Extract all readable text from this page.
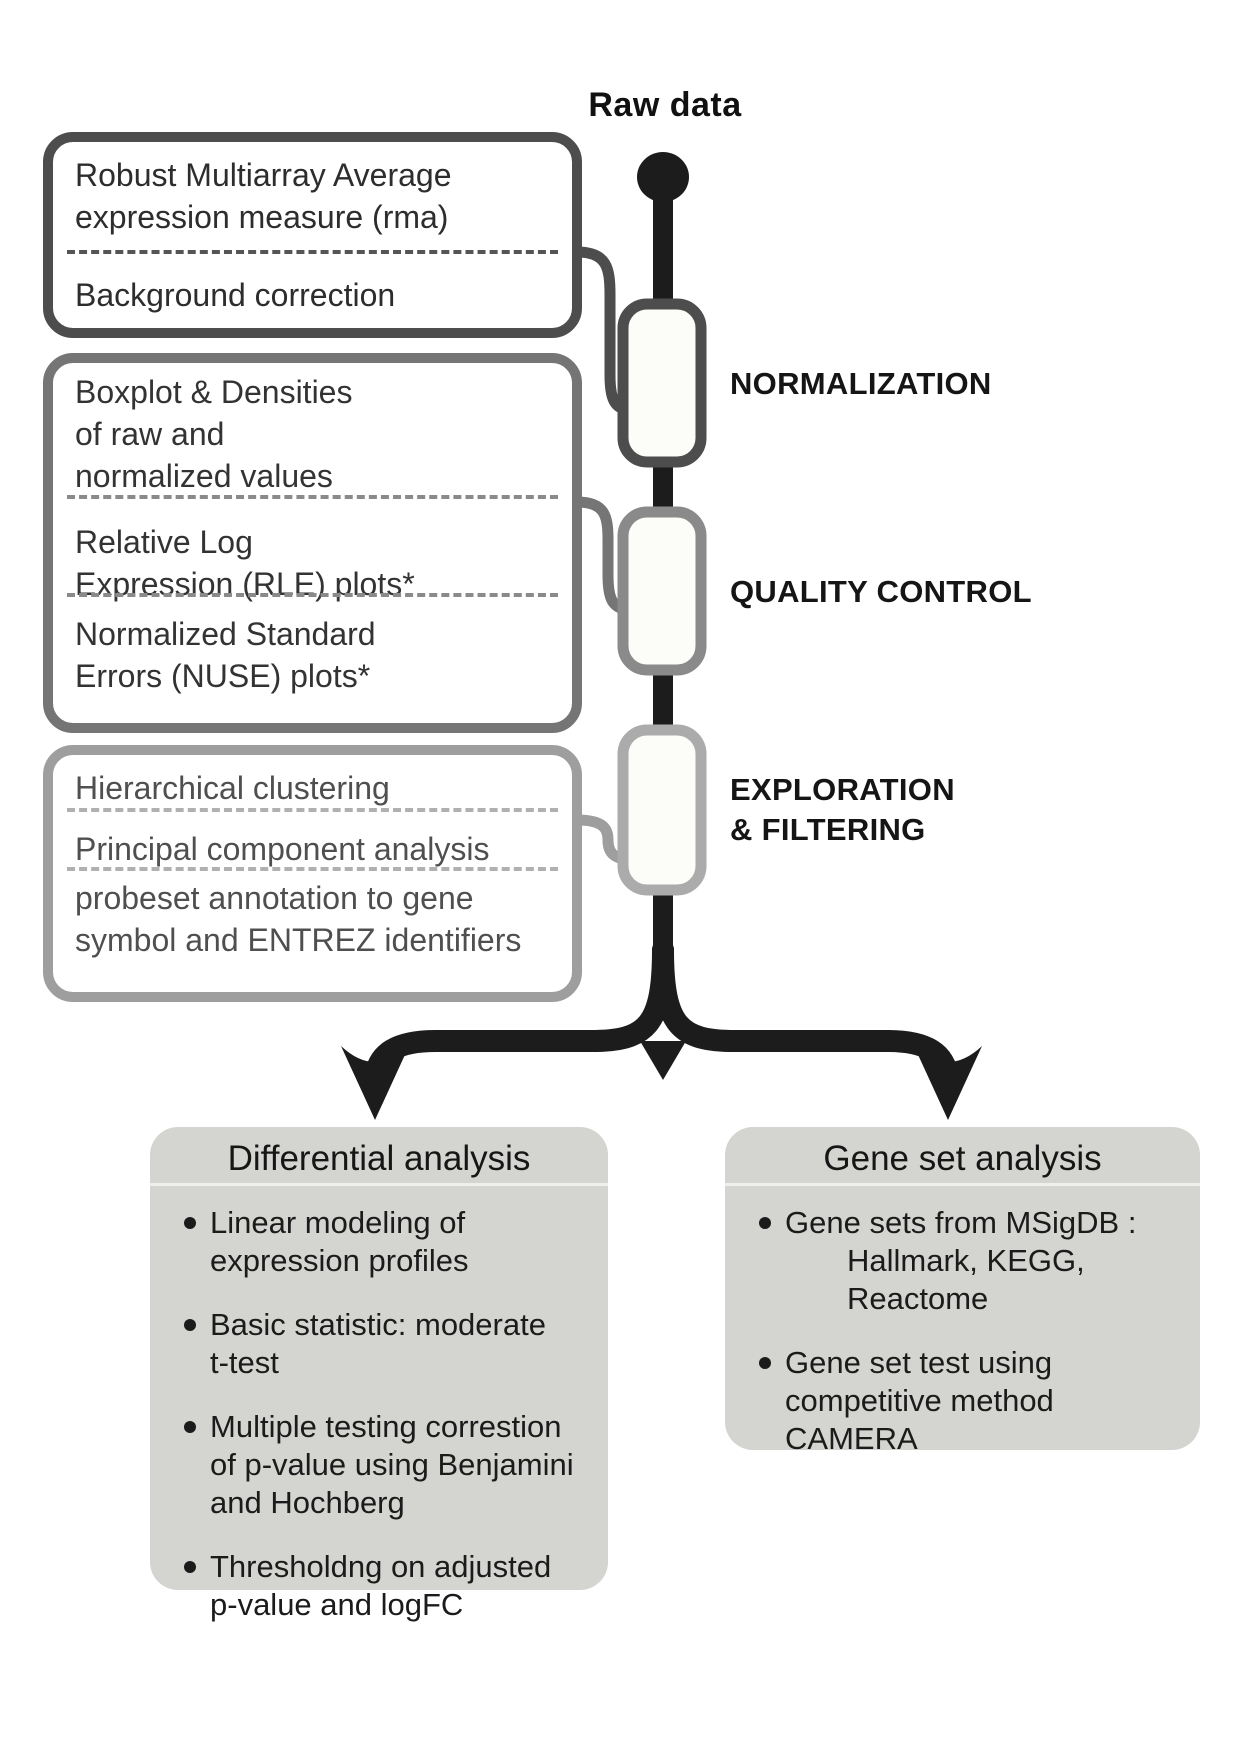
Raw data
Robust Multiarray Average
expression measure (rma)
Background correction
Boxplot & Densities
of raw and
normalized values
Relative Log
Expression (RLE) plots*
Normalized Standard
Errors (NUSE) plots*
Hierarchical clustering
Principal component analysis
probeset annotation to gene
symbol and ENTREZ identifiers
NORMALIZATION
QUALITY CONTROL
EXPLORATION
& FILTERING
Differential analysis
Linear modeling of
expression profiles
Basic statistic: moderate
t-test
Multiple testing correstion
of p-value using Benjamini
and Hochberg
Thresholdng on adjusted
p-value and logFC
Gene set analysis
Gene sets from MSigDB :
Hallmark, KEGG,
Reactome
Gene set test using
competitive method
CAMERA
